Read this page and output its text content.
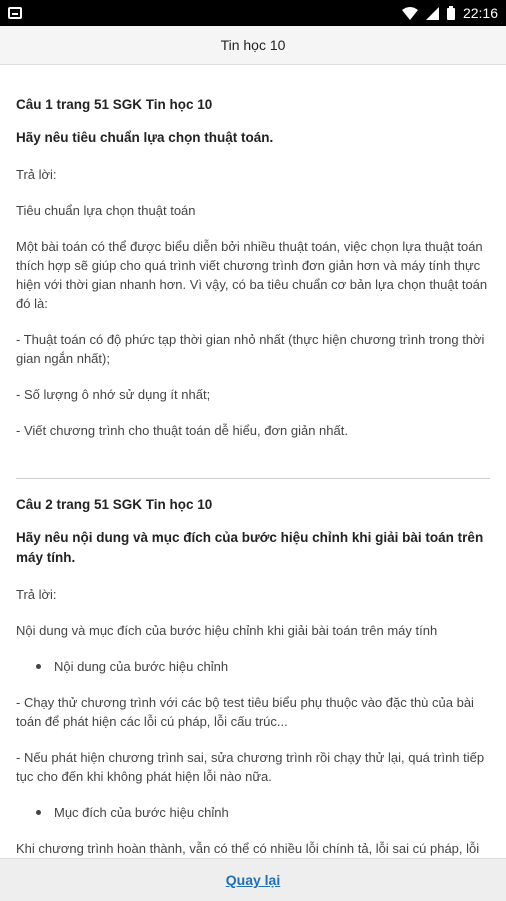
22:16
Tin học 10
Câu 1 trang 51 SGK Tin học 10
Hãy nêu tiêu chuẩn lựa chọn thuật toán.

Trả lời:

Tiêu chuẩn lựa chọn thuật toán

Một bài toán có thể được biểu diễn bởi nhiều thuật toán, việc chọn lựa thuật toán thích hợp sẽ giúp cho quá trình viết chương trình đơn giản hơn và máy tính thực hiện với thời gian nhanh hơn. Vì vậy, có ba tiêu chuẩn cơ bản lựa chọn thuật toán đó là:

- Thuật toán có độ phức tạp thời gian nhỏ nhất (thực hiện chương trình trong thời gian ngắn nhất);

- Số lượng ô nhớ sử dụng ít nhất;

- Viết chương trình cho thuật toán dễ hiểu, đơn giản nhất.

Câu 2 trang 51 SGK Tin học 10
Hãy nêu nội dung và mục đích của bước hiệu chỉnh khi giải bài toán trên máy tính.

Trả lời:

Nội dung và mục đích của bước hiệu chỉnh khi giải bài toán trên máy tính

Nội dung của bước hiệu chỉnh

- Chạy thử chương trình với các bộ test tiêu biểu phụ thuộc vào đặc thù của bài toán để phát hiện các lỗi cú pháp, lỗi cấu trúc...

- Nếu phát hiện chương trình sai, sửa chương trình rồi chạy thử lại, quá trình tiếp tục cho đến khi không phát hiện lỗi nào nữa.

Mục đích của bước hiệu chỉnh

Khi chương trình hoàn thành, vẫn có thể có nhiều lỗi chính tả, lỗi sai cú pháp, lỗi

Quay lại
